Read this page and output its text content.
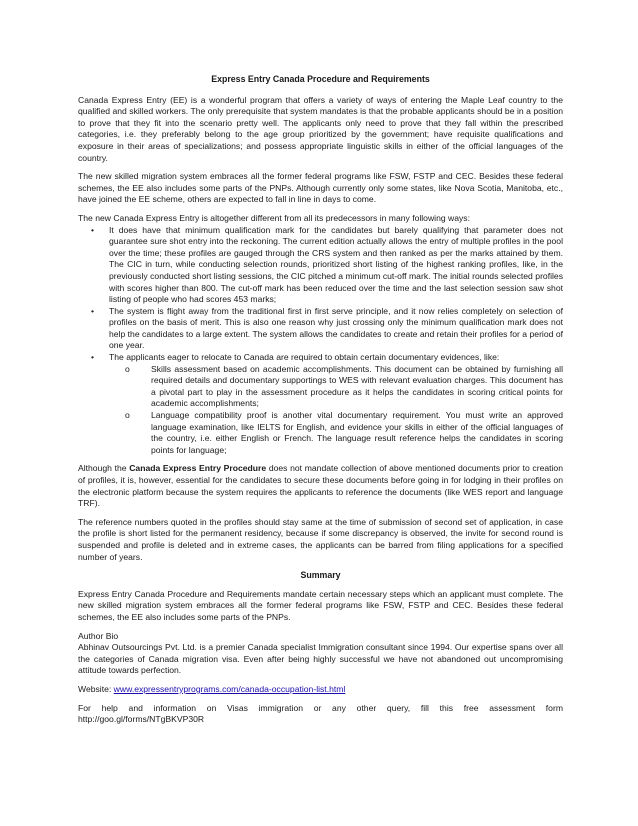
Express Entry Canada Procedure and Requirements

Canada Express Entry (EE) is a wonderful program that offers a variety of ways of entering the Maple Leaf country to the qualified and skilled workers. The only prerequisite that system mandates is that the probable applicants should be in a position to prove that they fit into the scenario pretty well. The applicants only need to prove that they fall within the prescribed categories, i.e. they preferably belong to the age group prioritized by the government; have requisite qualifications and exposure in their areas of specializations; and possess appropriate linguistic skills in either of the official languages of the country.

The new skilled migration system embraces all the former federal programs like FSW, FSTP and CEC. Besides these federal schemes, the EE also includes some parts of the PNPs. Although currently only some states, like Nova Scotia, Manitoba, etc., have joined the EE scheme, others are expected to fall in line in days to come.

The new Canada Express Entry is altogether different from all its predecessors in many following ways:

• It does have that minimum qualification mark for the candidates but barely qualifying that parameter does not guarantee sure shot entry into the reckoning. The current edition actually allows the entry of multiple profiles in the pool over the time; these profiles are gauged through the CRS system and then ranked as per the marks attained by them. The CIC in turn, while conducting selection rounds, prioritized short listing of the highest ranking profiles, like, in the previously conducted short listing sessions, the CIC pitched a minimum cut-off mark. The initial rounds selected profiles with scores higher than 800. The cut-off mark has been reduced over the time and the last selection session saw shot listing of people who had scores 453 marks;
• The system is flight away from the traditional first in first serve principle, and it now relies completely on selection of profiles on the basis of merit. This is also one reason why just crossing only the minimum qualification mark does not help the candidates to a large extent. The system allows the candidates to create and retain their profiles for a period of one year.
• The applicants eager to relocate to Canada are required to obtain certain documentary evidences, like:
o Skills assessment based on academic accomplishments. This document can be obtained by furnishing all required details and documentary supportings to WES with relevant evaluation charges. This document has a pivotal part to play in the assessment procedure as it helps the candidates in scoring critical points for academic accomplishments;
o Language compatibility proof is another vital documentary requirement. You must write an approved language examination, like IELTS for English, and evidence your skills in either of the official languages of the country, i.e. either English or French. The language result reference helps the candidates in scoring points for language;

Although the Canada Express Entry Procedure does not mandate collection of above mentioned documents prior to creation of profiles, it is, however, essential for the candidates to secure these documents before going in for lodging in their profiles on the electronic platform because the system requires the applicants to reference the documents (like WES report and language TRF).

The reference numbers quoted in the profiles should stay same at the time of submission of second set of application, in case the profile is short listed for the permanent residency, because if some discrepancy is observed, the invite for second round is suspended and profile is deleted and in extreme cases, the applicants can be barred from filing applications for a specified number of years.

Summary

Express Entry Canada Procedure and Requirements mandate certain necessary steps which an applicant must complete. The new skilled migration system embraces all the former federal programs like FSW, FSTP and CEC. Besides these federal schemes, the EE also includes some parts of the PNPs.

Author Bio
Abhinav Outsourcings Pvt. Ltd. is a premier Canada specialist Immigration consultant since 1994. Our expertise spans over all the categories of Canada migration visa. Even after being highly successful we have not abandoned out uncompromising attitude towards perfection.

Website: www.expressentryprograms.com/canada-occupation-list.html

For help and information on Visas immigration or any other query, fill this free assessment form http://goo.gl/forms/NTgBKVP30R
